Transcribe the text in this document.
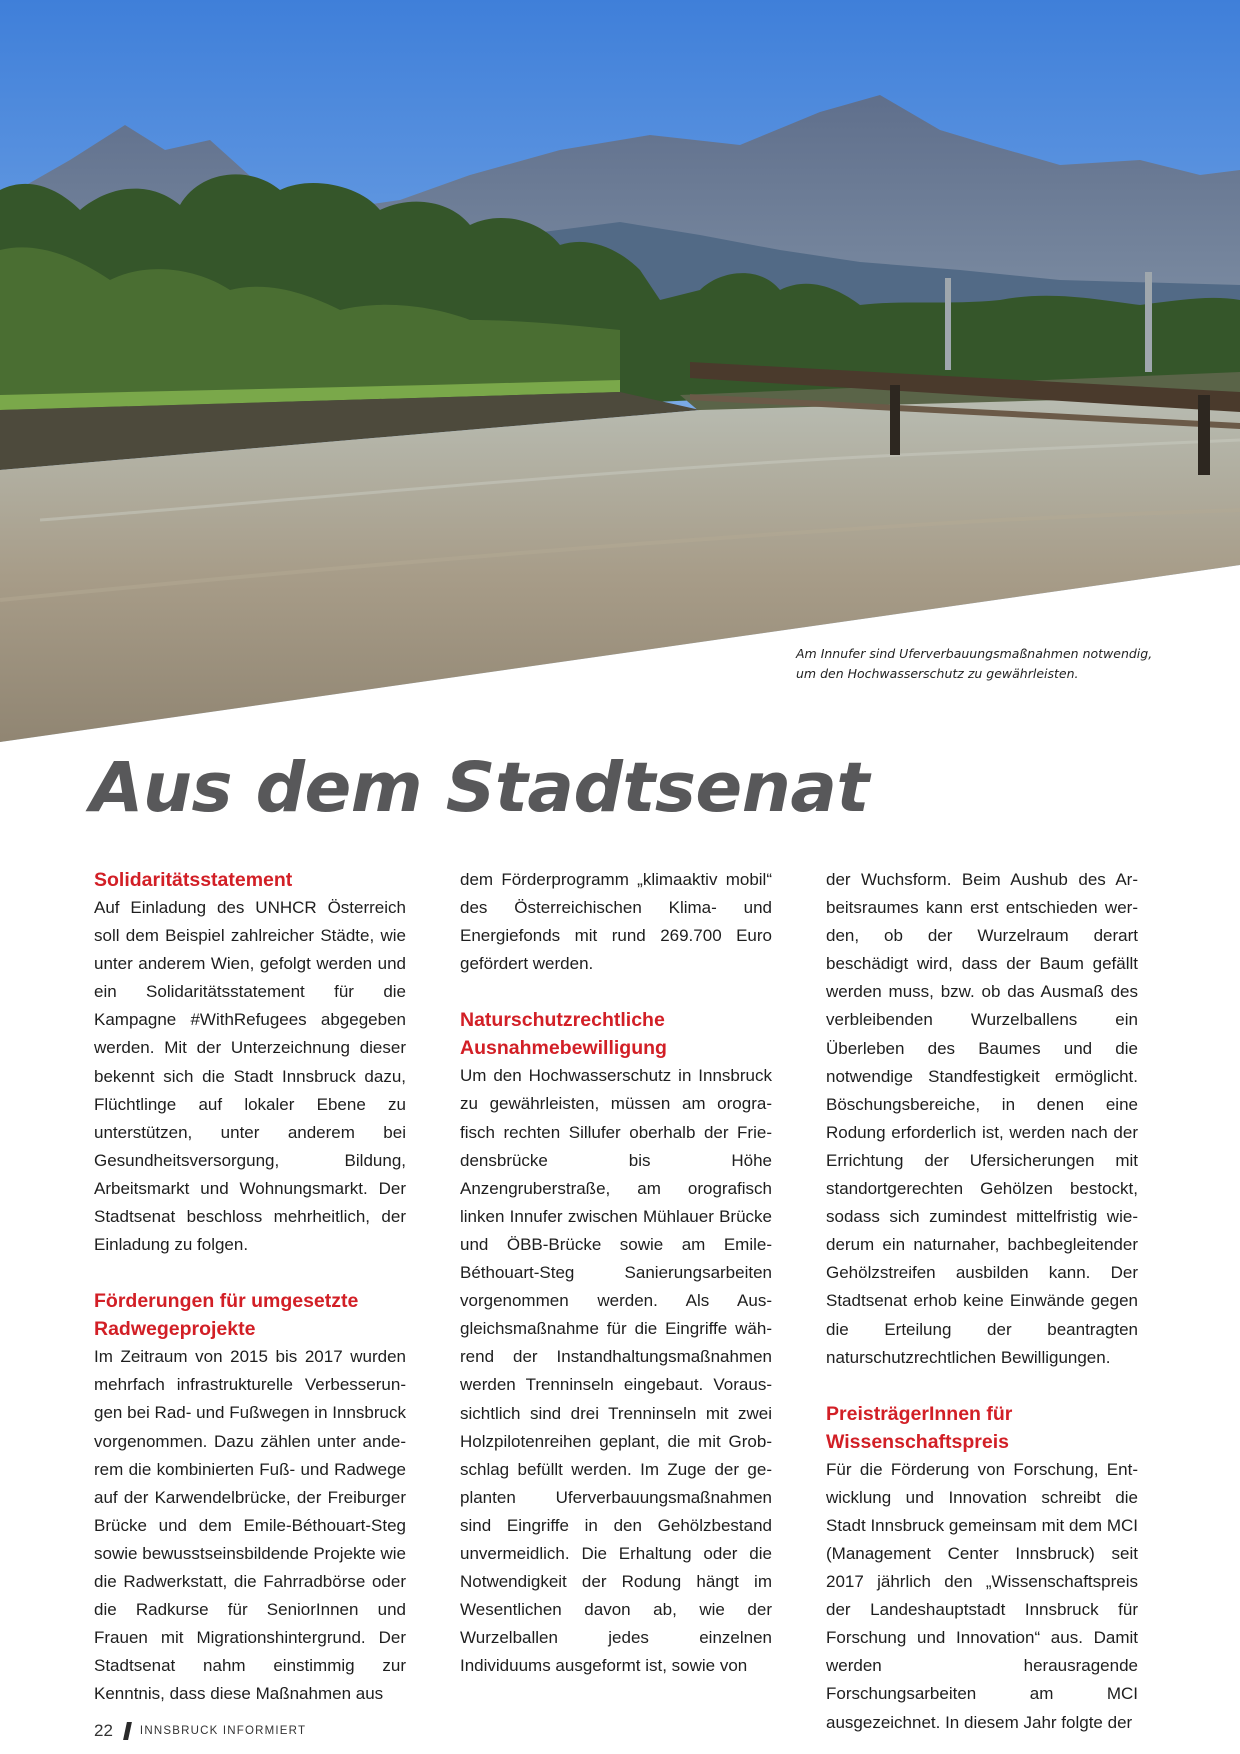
Am Innufer sind Uferverbauungsmaßnahmen notwendig,
um den Hochwasserschutz zu gewährleisten.
Aus dem Stadtsenat
Solidaritätsstatement

Auf Einladung des UNHCR Österreich soll dem Beispiel zahlreicher Städte, wie unter anderem Wien, gefolgt werden und ein Solidaritätsstatement für die Kampagne #WithRefugees abgegeben werden. Mit der Unterzeichnung dieser bekennt sich die Stadt Innsbruck dazu, Flüchtlinge auf lokaler Ebene zu unterstützen, unter anderem bei Gesundheitsversorgung, Bildung, Arbeitsmarkt und Wohnungsmarkt. Der Stadtsenat beschloss mehrheitlich, der Einladung zu folgen.

Förderungen für umgesetzte Radwegeprojekte

Im Zeitraum von 2015 bis 2017 wurden mehrfach infrastrukturelle Verbesserungen bei Rad- und Fußwegen in Innsbruck vorgenommen. Dazu zählen unter anderem die kombinierten Fuß- und Radwege auf der Karwendelbrücke, der Freiburger Brücke und dem Emile-Béthouart-Steg sowie bewusstseinsbildende Projekte wie die Radwerkstatt, die Fahrradbörse oder die Radkurse für SeniorInnen und Frauen mit Migrationshintergrund. Der Stadtsenat nahm einstimmig zur Kenntnis, dass diese Maßnahmen aus

dem Förderprogramm „klimaaktiv mobil“ des Österreichischen Klima- und Energiefonds mit rund 269.700 Euro gefördert werden.

Naturschutzrechtliche Ausnahmebewilligung

Um den Hochwasserschutz in Innsbruck zu gewährleisten, müssen am orografisch rechten Sillufer oberhalb der Friedensbrücke bis Höhe Anzengruberstraße, am orografisch linken Innufer zwischen Mühlauer Brücke und ÖBB-Brücke sowie am Emile-Béthouart-Steg Sanierungsarbeiten vorgenommen werden. Als Ausgleichsmaßnahme für die Eingriffe während der Instandhaltungsmaßnahmen werden Trenninseln eingebaut. Voraussichtlich sind drei Trenninseln mit zwei Holzpilotenreihen geplant, die mit Grobschlag befüllt werden. Im Zuge der geplanten Uferverbauungsmaßnahmen sind Eingriffe in den Gehölzbestand unvermeidlich. Die Erhaltung oder die Notwendigkeit der Rodung hängt im Wesentlichen davon ab, wie der Wurzelballen jedes einzelnen Individuums ausgeformt ist, sowie von

der Wuchsform. Beim Aushub des Arbeitsraumes kann erst entschieden werden, ob der Wurzelraum derart beschädigt wird, dass der Baum gefällt werden muss, bzw. ob das Ausmaß des verbleibenden Wurzelballens ein Überleben des Baumes und die notwendige Standfestigkeit ermöglicht. Böschungsbereiche, in denen eine Rodung erforderlich ist, werden nach der Errichtung der Ufersicherungen mit standortgerechten Gehölzen bestockt, sodass sich zumindest mittelfristig wiederum ein naturnaher, bachbegleitender Gehölzstreifen ausbilden kann. Der Stadtsenat erhob keine Einwände gegen die Erteilung der beantragten naturschutzrechtlichen Bewilligungen.

PreisträgerInnen für Wissenschaftspreis

Für die Förderung von Forschung, Entwicklung und Innovation schreibt die Stadt Innsbruck gemeinsam mit dem MCI (Management Center Innsbruck) seit 2017 jährlich den „Wissenschaftspreis der Landeshauptstadt Innsbruck für Forschung und Innovation“ aus. Damit werden herausragende Forschungsarbeiten am MCI ausgezeichnet. In diesem Jahr folgte der

22 INNSBRUCK INFORMIERT
